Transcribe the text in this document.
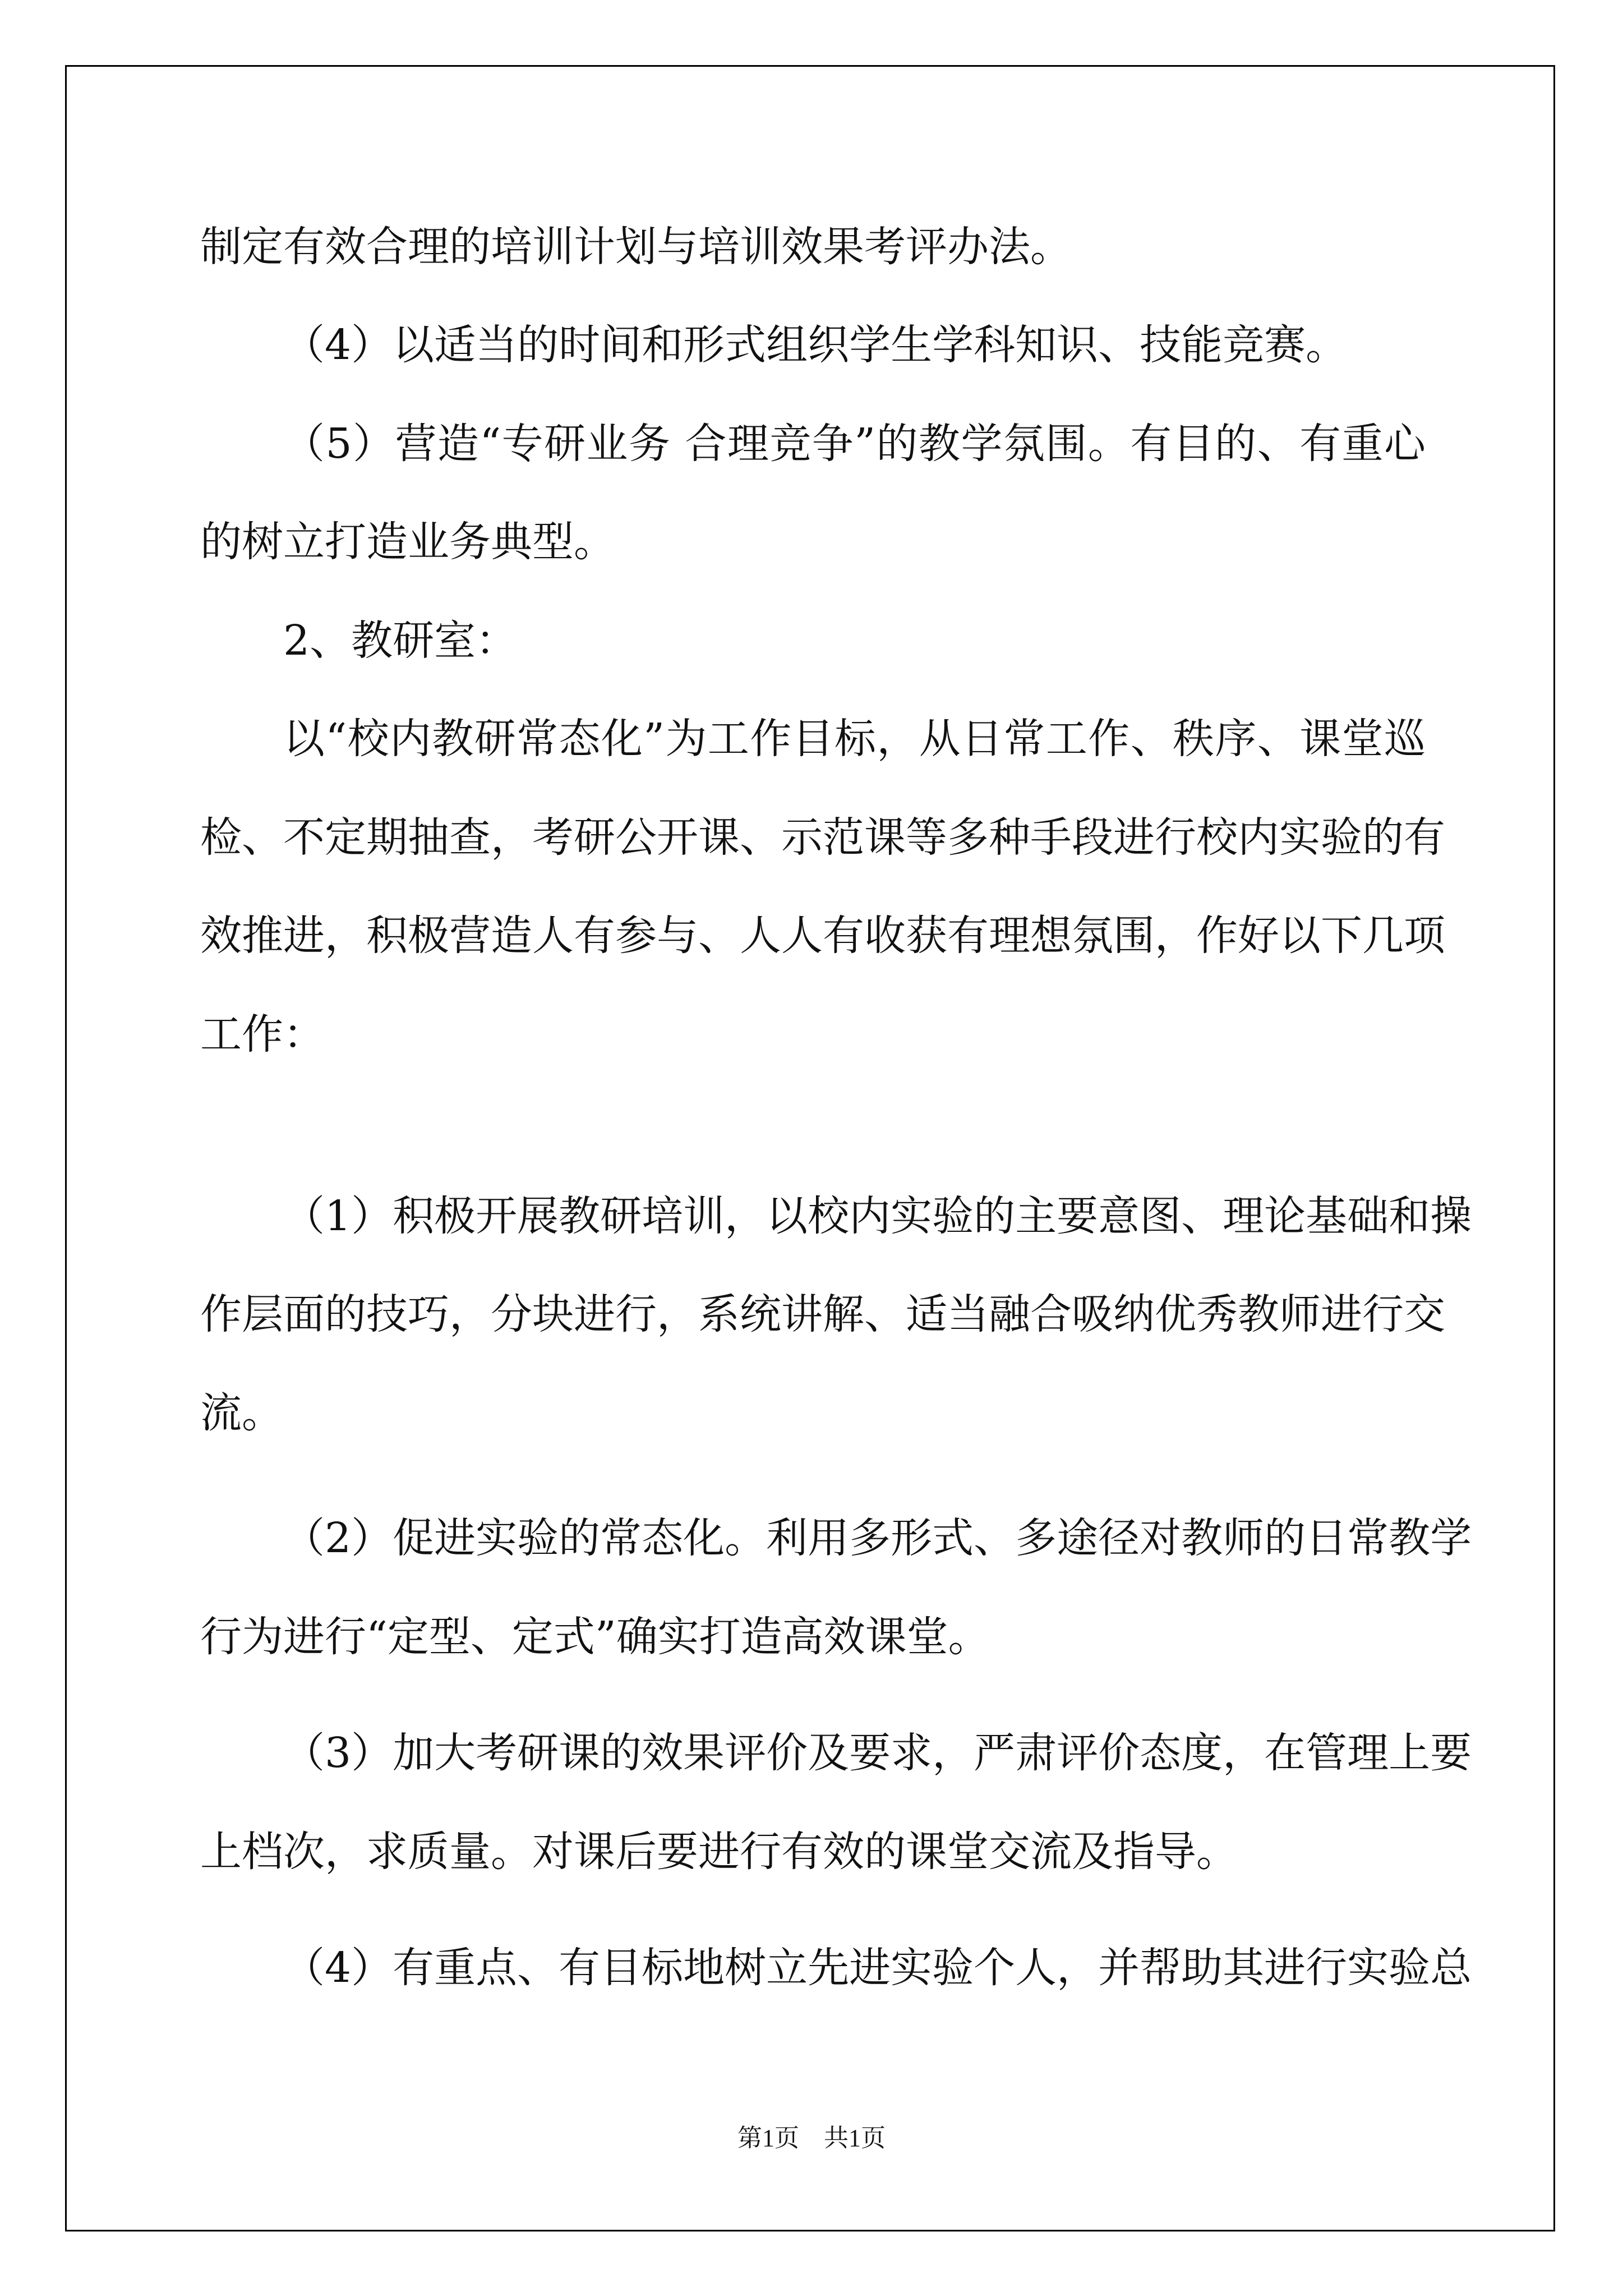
制定有效合理的培训计划与培训效果考评办法。

（4）以适当的时间和形式组织学生学科知识、技能竞赛。

（5）营造“专研业务 合理竞争”的教学氛围。有目的、有重心

的树立打造业务典型。

2、教研室：

以“校内教研常态化”为工作目标，从日常工作、秩序、课堂巡

检、不定期抽查，考研公开课、示范课等多种手段进行校内实验的有

效推进，积极营造人有参与、人人有收获有理想氛围，作好以下几项

工作：

（1）积极开展教研培训，以校内实验的主要意图、理论基础和操

作层面的技巧，分块进行，系统讲解、适当融合吸纳优秀教师进行交

流。

（2）促进实验的常态化。利用多形式、多途径对教师的日常教学

行为进行“定型、定式”确实打造高效课堂。

（3）加大考研课的效果评价及要求，严肃评价态度，在管理上要

上档次，求质量。对课后要进行有效的课堂交流及指导。

（4）有重点、有目标地树立先进实验个人，并帮助其进行实验总

第1页　共1页
